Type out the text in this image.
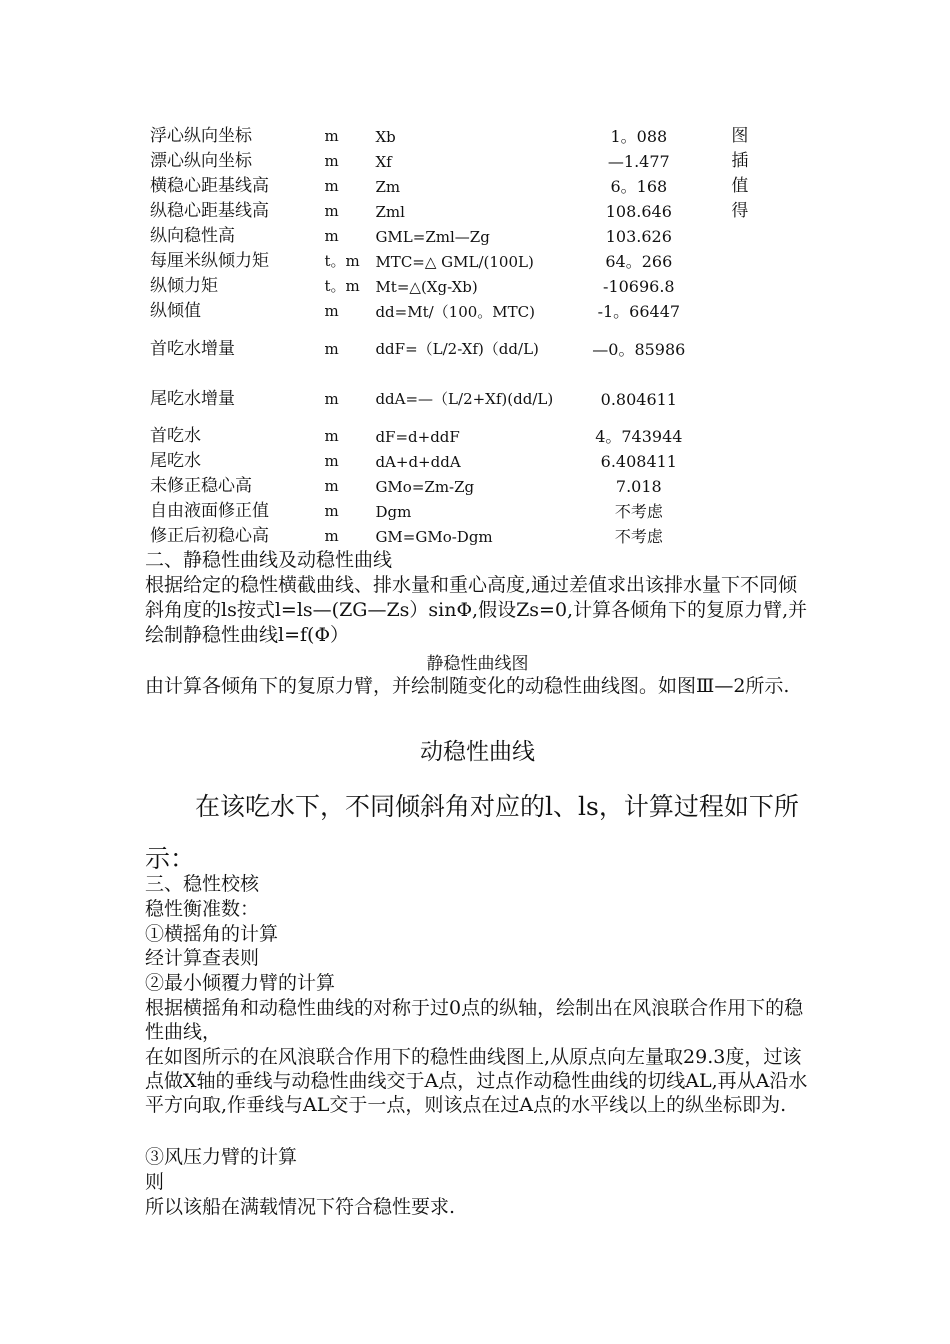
浮心纵向坐标	m	Xb	1。088	图
漂心纵向坐标	m	Xf	—1.477	插
横稳心距基线高	m	Zm	6。168	值
纵稳心距基线高	m	Zml	108.646	得
纵向稳性高	m	GML=Zml—Zg	103.626	
每厘米纵倾力矩	t。m	MTC=△ GML/(100L)	64。266	
纵倾力矩	t。m	Mt=△(Xg-Xb)	-10696.8	
纵倾值	m	dd=Mt/（100。MTC)	-1。66447	
首吃水增量	m	ddF=（L/2-Xf)（dd/L)	—0。85986	
尾吃水增量	m	ddA=—（L/2+Xf)(dd/L)	0.804611	
首吃水	m	dF=d+ddF	4。743944	
尾吃水	m	dA+d+ddA	6.408411	
未修正稳心高	m	GMo=Zm-Zg	7.018	
自由液面修正值	m	Dgm	不考虑	
修正后初稳心高	m	GM=GMo-Dgm	不考虑	
二、静稳性曲线及动稳性曲线
根据给定的稳性横截曲线、排水量和重心高度,通过差值求出该排水量下不同倾斜角度的ls按式l=ls—(ZG—Zs）sinΦ,假设Zs=0,计算各倾角下的复原力臂,并绘制静稳性曲线l=f(Φ）
静稳性曲线图
由计算各倾角下的复原力臂，并绘制随变化的动稳性曲线图。如图Ⅲ—2所示.
动稳性曲线
在该吃水下，不同倾斜角对应的l、ls，计算过程如下所示：
三、稳性校核
稳性衡准数：
①横摇角的计算
经计算查表则
②最小倾覆力臂的计算
根据横摇角和动稳性曲线的对称于过0点的纵轴，绘制出在风浪联合作用下的稳性曲线，
在如图所示的在风浪联合作用下的稳性曲线图上,从原点向左量取29.3度，过该点做X轴的垂线与动稳性曲线交于A点，过点作动稳性曲线的切线AL,再从A沿水平方向取,作垂线与AL交于一点，则该点在过A点的水平线以上的纵坐标即为.
③风压力臂的计算
则
所以该船在满载情况下符合稳性要求.
